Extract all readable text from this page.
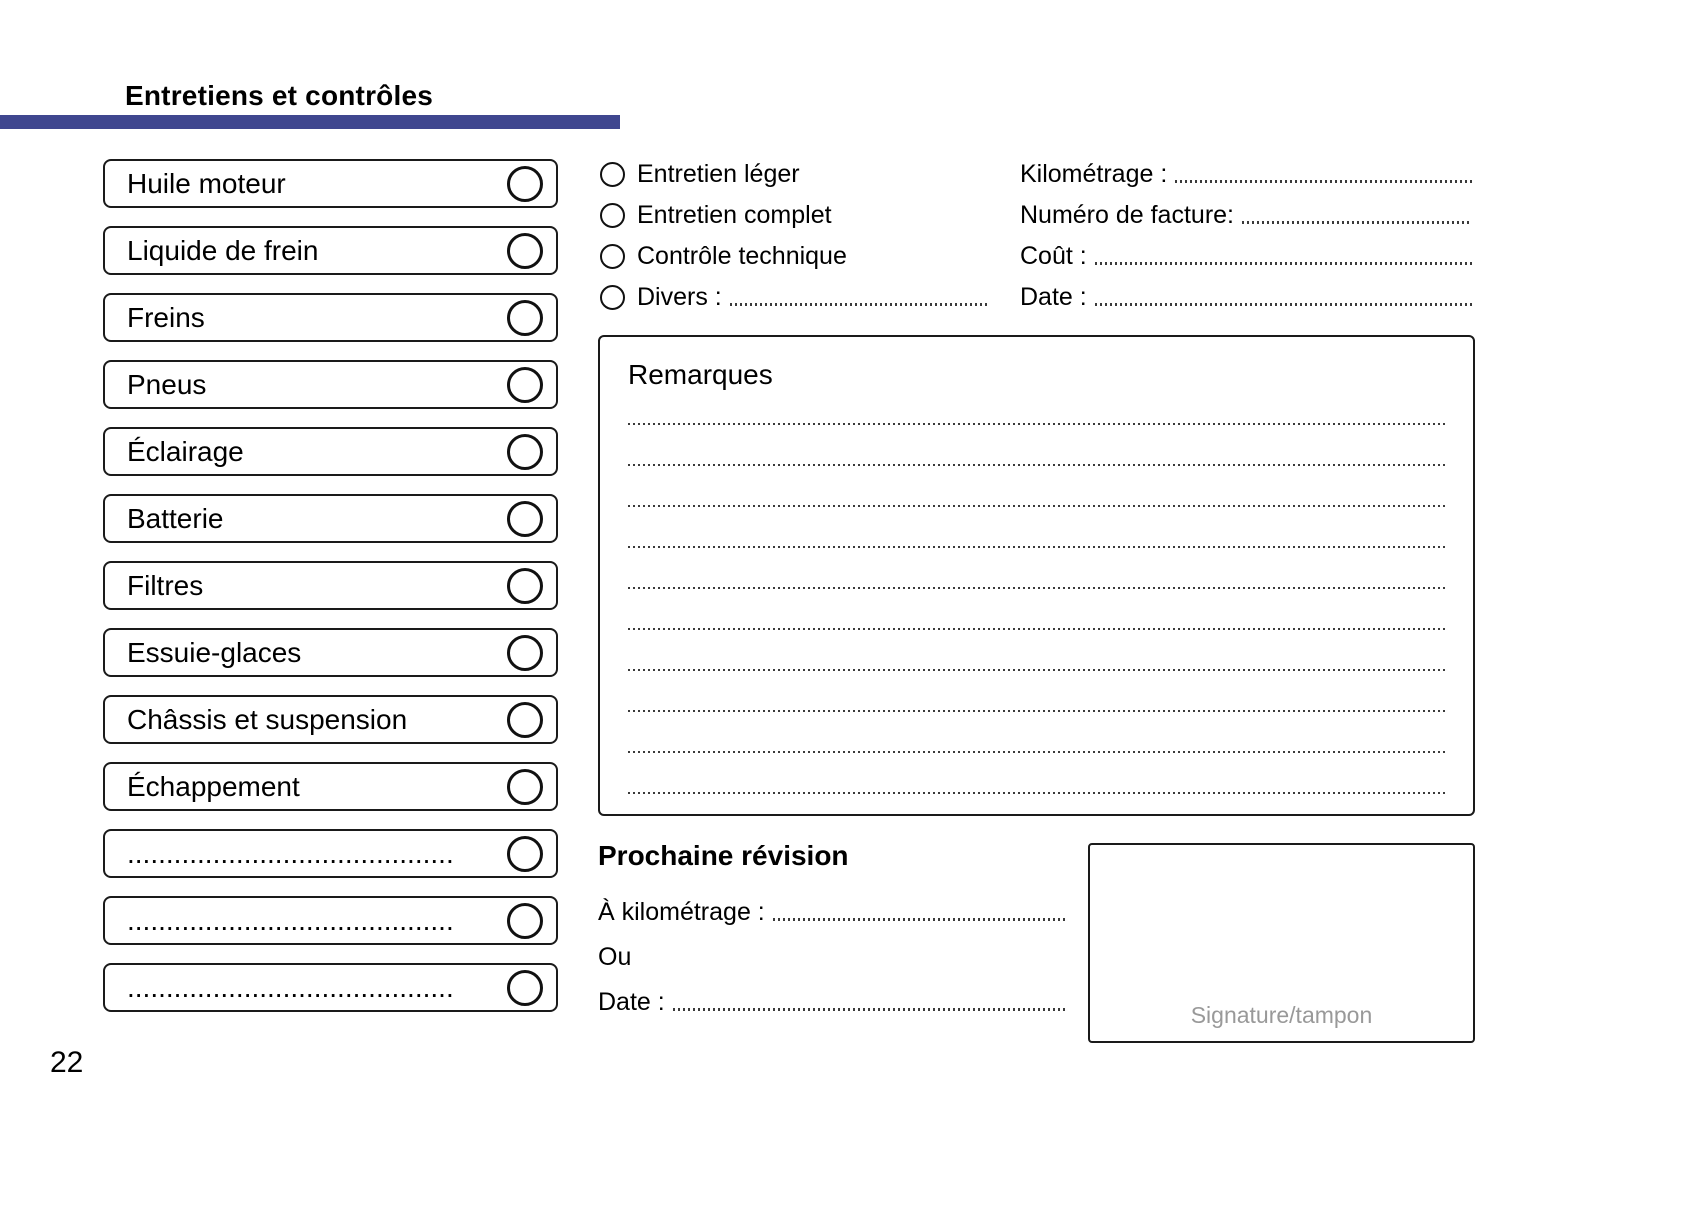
Entretiens et contrôles
Huile moteur
Liquide de frein
Freins
Pneus
Éclairage
Batterie
Filtres
Essuie-glaces
Châssis et suspension
Échappement
..........................................
..........................................
..........................................
Entretien léger
Entretien complet
Contrôle technique
Divers :
Kilométrage :
Numéro de facture:
Coût :
Date :
Remarques
Prochaine révision
À kilométrage :
Ou
Date :	Signature/tampon
22
